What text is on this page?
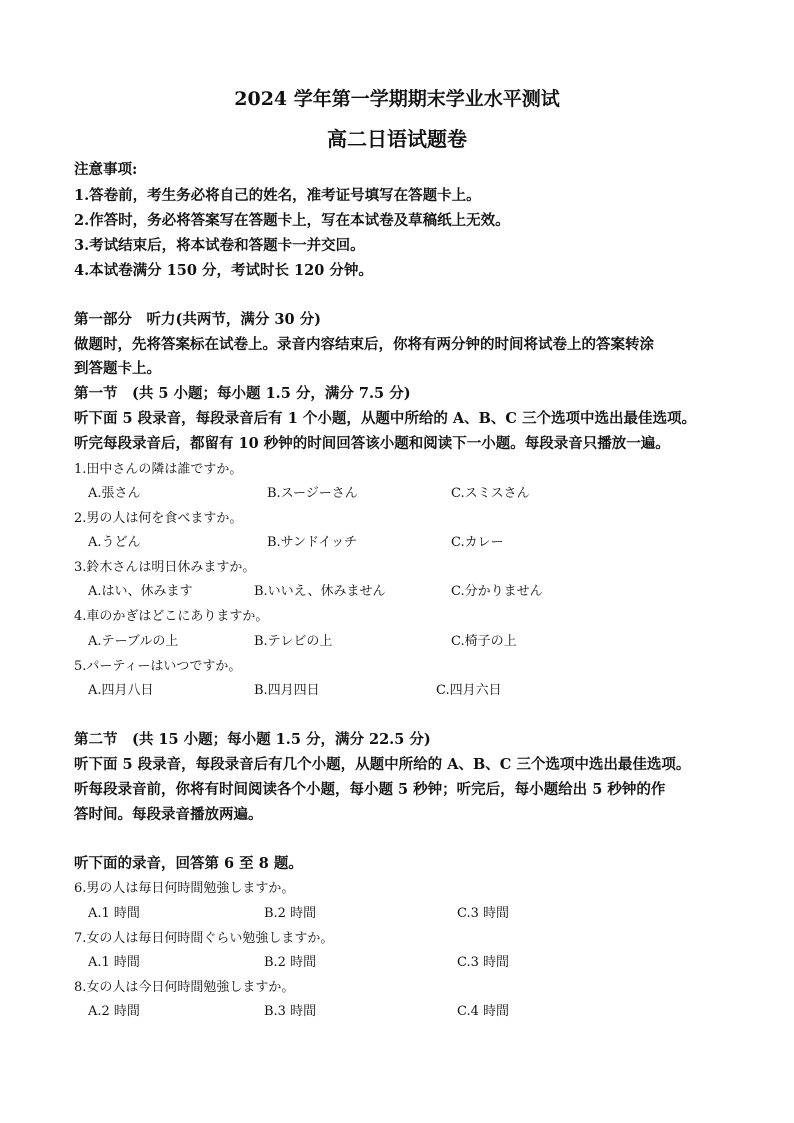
2024 学年第一学期期末学业水平测试
高二日语试题卷
注意事项:
1.答卷前，考生务必将自己的姓名，准考证号填写在答题卡上。
2.作答时，务必将答案写在答题卡上，写在本试卷及草稿纸上无效。
3.考试结束后，将本试卷和答题卡一并交回。
4.本试卷满分 150 分，考试时长 120 分钟。
第一部分　听力(共两节，满分 30 分)
做题时，先将答案标在试卷上。录音内容结束后，你将有两分钟的时间将试卷上的答案转涂
到答题卡上。
第一节　(共 5 小题；每小题 1.5 分，满分 7.5 分)
听下面 5 段录音，每段录音后有 1 个小题，从题中所给的 A、B、C 三个选项中选出最佳选项。
听完每段录音后，都留有 10 秒钟的时间回答该小题和阅读下一小题。每段录音只播放一遍。
1.田中さんの隣は誰ですか。
A.張さん	B.スージーさん	C.スミスさん
2.男の人は何を食べますか。
A.うどん	B.サンドイッチ	C.カレー
3.鈴木さんは明日休みますか。
A.はい、休みます	B.いいえ、休みません	C.分かりません
4.車のかぎはどこにありますか。
A.テーブルの上	B.テレビの上	C.椅子の上
5.パーティーはいつですか。
A.四月八日	B.四月四日	C.四月六日
第二节　(共 15 小题；每小题 1.5 分，满分 22.5 分)
听下面 5 段录音，每段录音后有几个小题，从题中所给的 A、B、C 三个选项中选出最佳选项。
听每段录音前，你将有时间阅读各个小题，每小题 5 秒钟；听完后，每小题给出 5 秒钟的作
答时间。每段录音播放两遍。
听下面的录音，回答第 6 至 8 题。
6.男の人は毎日何時間勉強しますか。
A.1 時間	B.2 時間	C.3 時間
7.女の人は毎日何時間ぐらい勉強しますか。
A.1 時間	B.2 時間	C.3 時間
8.女の人は今日何時間勉強しますか。
A.2 時間	B.3 時間	C.4 時間
